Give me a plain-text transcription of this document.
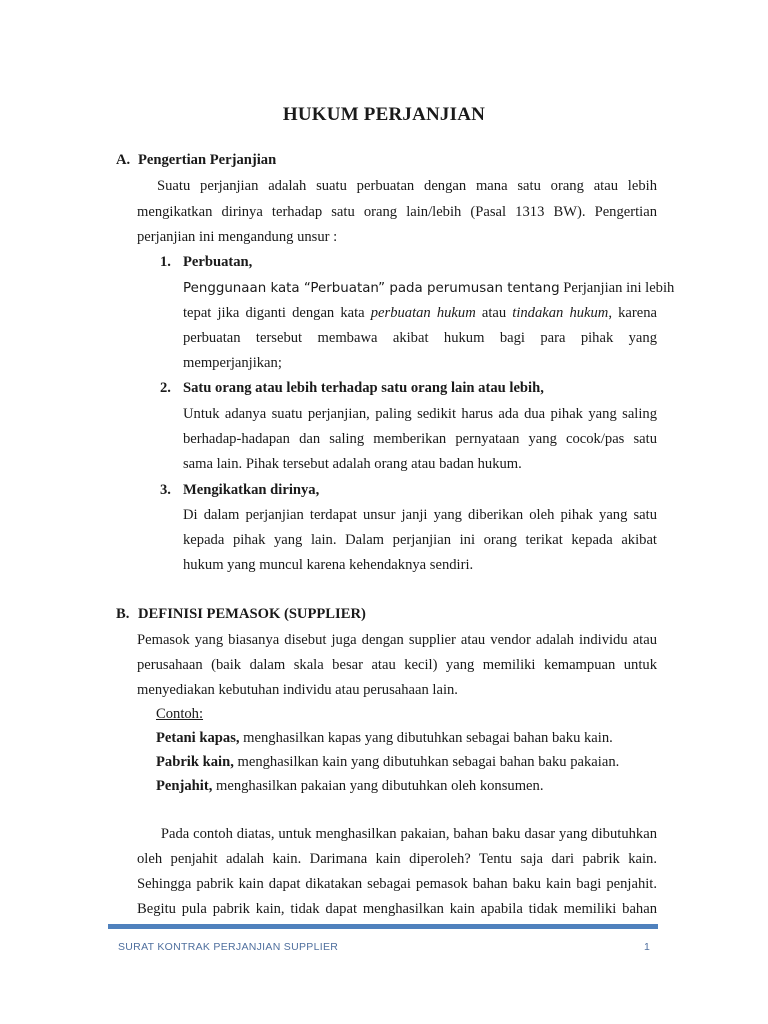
HUKUM PERJANJIAN
A. Pengertian Perjanjian
Suatu perjanjian adalah suatu perbuatan dengan mana satu orang atau lebih
mengikatkan dirinya terhadap satu orang lain/lebih (Pasal 1313 BW). Pengertian
perjanjian ini mengandung unsur :
1. Perbuatan,
Penggunaan kata “Perbuatan” pada perumusan tentang Perjanjian ini lebih
tepat jika diganti dengan kata perbuatan hukum atau tindakan hukum, karena
perbuatan tersebut membawa akibat hukum bagi para pihak yang
memperjanjikan;
2. Satu orang atau lebih terhadap satu orang lain atau lebih,
Untuk adanya suatu perjanjian, paling sedikit harus ada dua pihak yang saling
berhadap-hadapan dan saling memberikan pernyataan yang cocok/pas satu
sama lain. Pihak tersebut adalah orang atau badan hukum.
3. Mengikatkan dirinya,
Di dalam perjanjian terdapat unsur janji yang diberikan oleh pihak yang satu
kepada pihak yang lain. Dalam perjanjian ini orang terikat kepada akibat
hukum yang muncul karena kehendaknya sendiri.
B. DEFINISI PEMASOK (SUPPLIER)
Pemasok yang biasanya disebut juga dengan supplier atau vendor adalah individu atau
perusahaan (baik dalam skala besar atau kecil) yang memiliki kemampuan untuk
menyediakan kebutuhan individu atau perusahaan lain.
Contoh:
Petani kapas, menghasilkan kapas yang dibutuhkan sebagai bahan baku kain.
Pabrik kain, menghasilkan kain yang dibutuhkan sebagai bahan baku pakaian.
Penjahit, menghasilkan pakaian yang dibutuhkan oleh konsumen.
Pada contoh diatas, untuk menghasilkan pakaian, bahan baku dasar yang dibutuhkan
oleh penjahit adalah kain. Darimana kain diperoleh? Tentu saja dari pabrik kain.
Sehingga pabrik kain dapat dikatakan sebagai pemasok bahan baku kain bagi penjahit.
Begitu pula pabrik kain, tidak dapat menghasilkan kain apabila tidak memiliki bahan
SURAT KONTRAK PERJANJIAN SUPPLIER	1
